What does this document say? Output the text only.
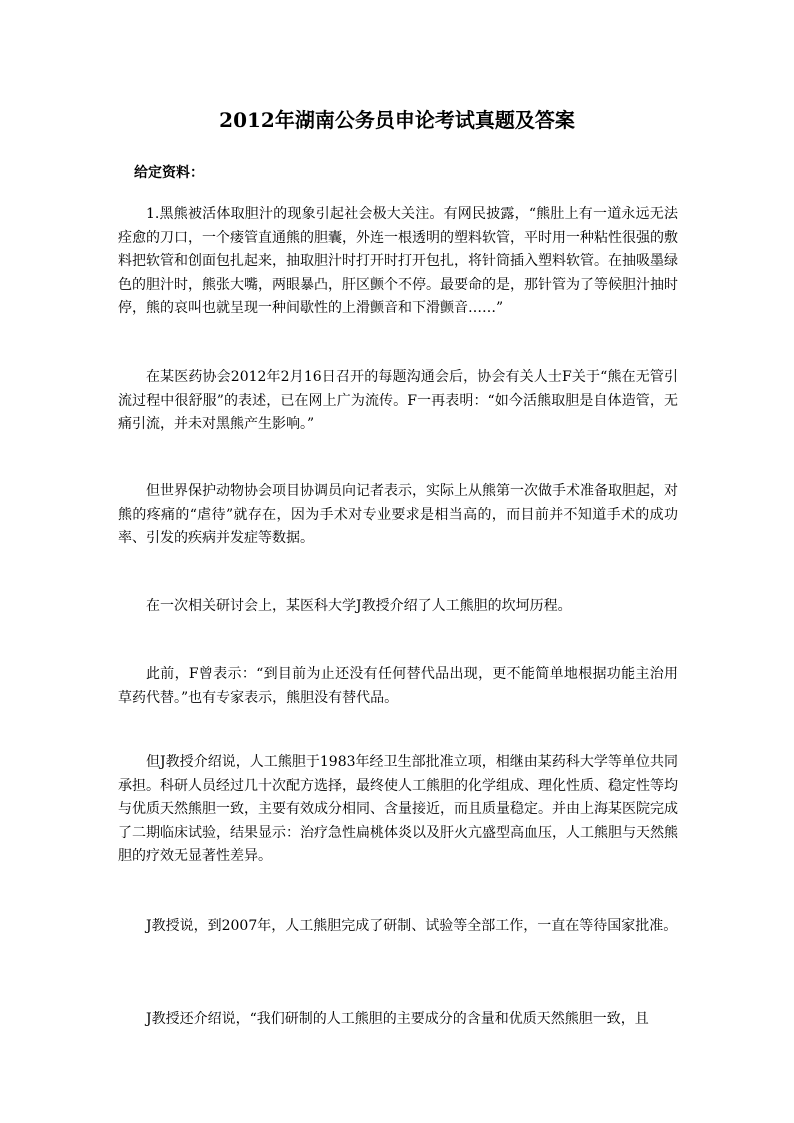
2012年湖南公务员申论考试真题及答案
给定资料：

1.黑熊被活体取胆汁的现象引起社会极大关注。有网民披露，“熊肚上有一道永远无法痊愈的刀口，一个瘘管直通熊的胆囊，外连一根透明的塑料软管，平时用一种粘性很强的敷料把软管和创面包扎起来，抽取胆汁时打开时打开包扎，将针筒插入塑料软管。在抽吸墨绿色的胆汁时，熊张大嘴，两眼暴凸，肝区颤个不停。最要命的是，那针管为了等候胆汁抽时停，熊的哀叫也就呈现一种间歇性的上滑颤音和下滑颤音……”

在某医药协会2012年2月16日召开的每题沟通会后，协会有关人士F关于“熊在无管引流过程中很舒服”的表述，已在网上广为流传。F一再表明：“如今活熊取胆是自体造管，无痛引流，并未对黑熊产生影响。”

但世界保护动物协会项目协调员向记者表示，实际上从熊第一次做手术准备取胆起，对熊的疼痛的“虐待”就存在，因为手术对专业要求是相当高的，而目前并不知道手术的成功率、引发的疾病并发症等数据。

在一次相关研讨会上，某医科大学J教授介绍了人工熊胆的坎坷历程。

此前，F曾表示：“到目前为止还没有任何替代品出现，更不能简单地根据功能主治用草药代替。”也有专家表示，熊胆没有替代品。

但J教授介绍说，人工熊胆于1983年经卫生部批准立项，相继由某药科大学等单位共同承担。科研人员经过几十次配方选择，最终使人工熊胆的化学组成、理化性质、稳定性等均与优质天然熊胆一致，主要有效成分相同、含量接近，而且质量稳定。并由上海某医院完成了二期临床试验，结果显示：治疗急性扁桃体炎以及肝火亢盛型高血压，人工熊胆与天然熊胆的疗效无显著性差异。

J教授说，到2007年，人工熊胆完成了研制、试验等全部工作，一直在等待国家批准。

J教授还介绍说，“我们研制的人工熊胆的主要成分的含量和优质天然熊胆一致，且
